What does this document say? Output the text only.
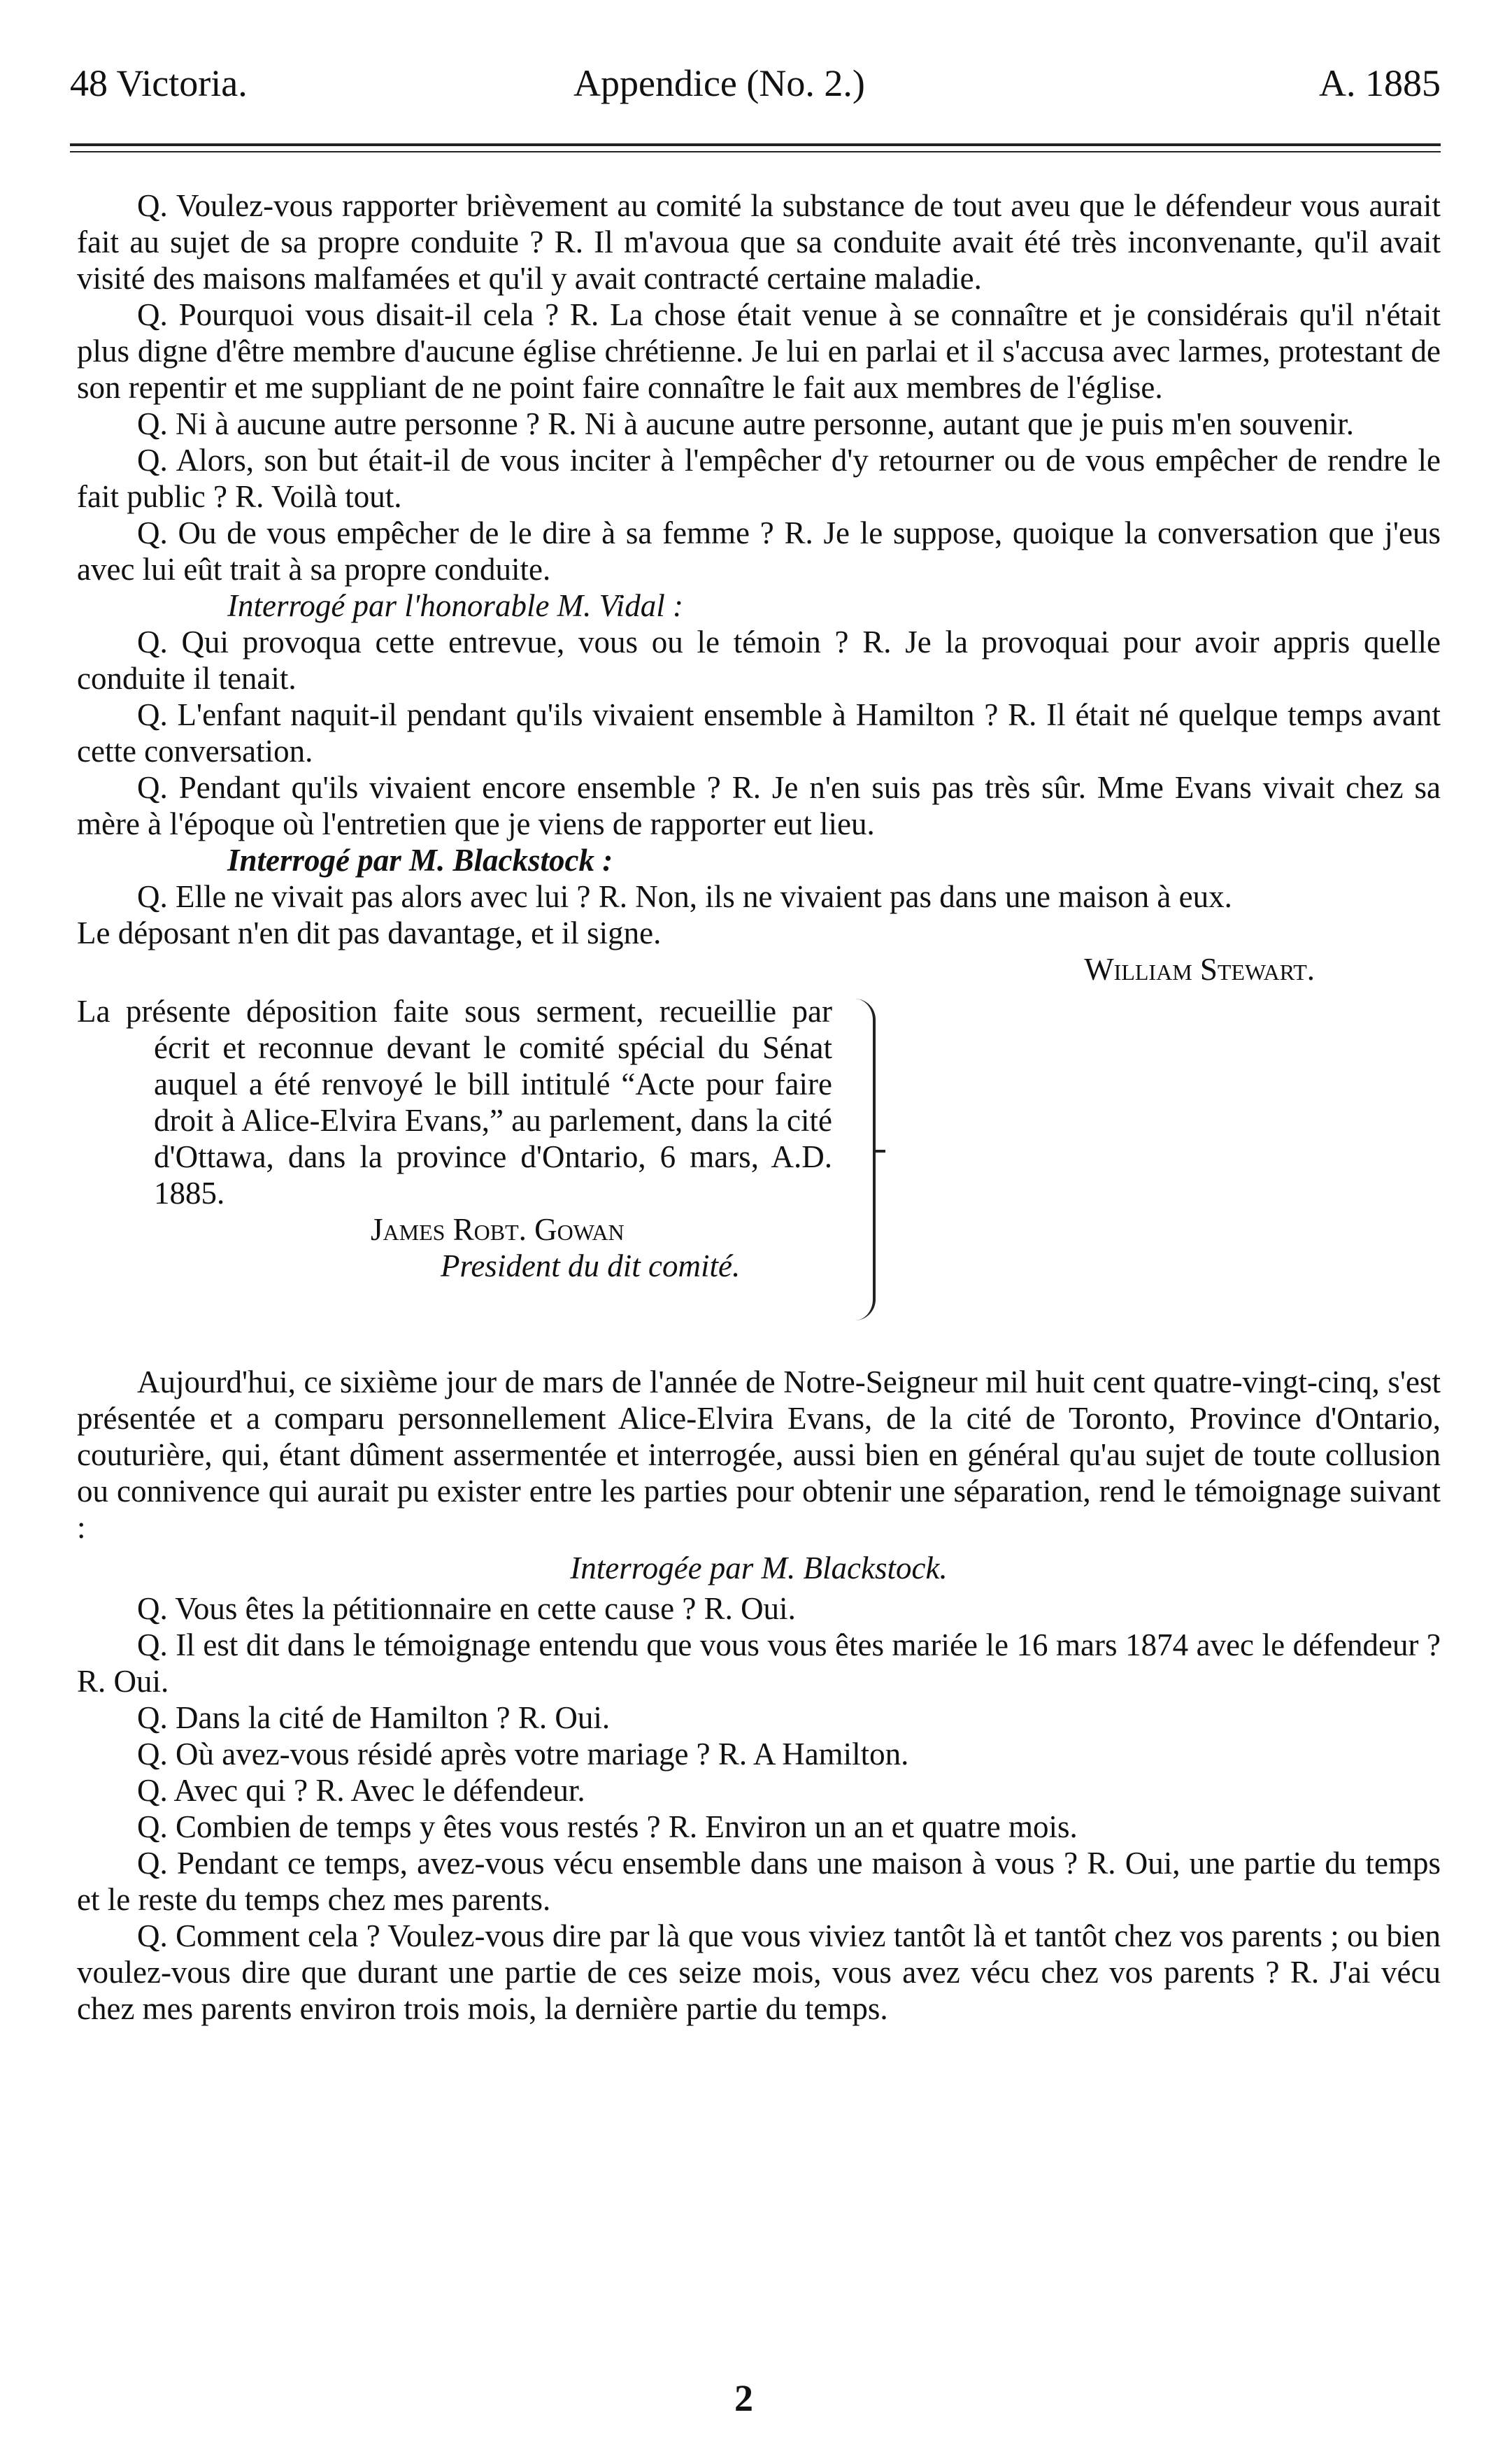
48 Victoria.	Appendice (No. 2.)	A. 1885

Q. Voulez-vous rapporter brièvement au comité la substance de tout aveu que le défendeur vous aurait fait au sujet de sa propre conduite ? R. Il m'avoua que sa conduite avait été très inconvenante, qu'il avait visité des maisons malfamées et qu'il y avait contracté certaine maladie.

Q. Pourquoi vous disait-il cela ? R. La chose était venue à se connaître et je considérais qu'il n'était plus digne d'être membre d'aucune église chrétienne. Je lui en parlai et il s'accusa avec larmes, protestant de son repentir et me suppliant de ne point faire connaître le fait aux membres de l'église.

Q. Ni à aucune autre personne ? R. Ni à aucune autre personne, autant que je puis m'en souvenir.

Q. Alors, son but était-il de vous inciter à l'empêcher d'y retourner ou de vous empêcher de rendre le fait public ? R. Voilà tout.

Q. Ou de vous empêcher de le dire à sa femme ? R. Je le suppose, quoique la conversation que j'eus avec lui eût trait à sa propre conduite.

Interrogé par l'honorable M. Vidal :

Q. Qui provoqua cette entrevue, vous ou le témoin ? R. Je la provoquai pour avoir appris quelle conduite il tenait.

Q. L'enfant naquit-il pendant qu'ils vivaient ensemble à Hamilton ? R. Il était né quelque temps avant cette conversation.

Q. Pendant qu'ils vivaient encore ensemble ? R. Je n'en suis pas très sûr. Mme Evans vivait chez sa mère à l'époque où l'entretien que je viens de rapporter eut lieu.

Interrogé par M. Blackstock :

Q. Elle ne vivait pas alors avec lui ? R. Non, ils ne vivaient pas dans une maison à eux.

Le déposant n'en dit pas davantage, et il signe.

William Stewart.

La présente déposition faite sous serment, recueillie par écrit et reconnue devant le comité spécial du Sénat auquel a été renvoyé le bill intitulé “Acte pour faire droit à Alice-Elvira Evans,” au parlement, dans la cité d'Ottawa, dans la province d'Ontario, 6 mars, A.D. 1885.

James Robt. Gowan

President du dit comité.

Aujourd'hui, ce sixième jour de mars de l'année de Notre-Seigneur mil huit cent quatre-vingt-cinq, s'est présentée et a comparu personnellement Alice-Elvira Evans, de la cité de Toronto, Province d'Ontario, couturière, qui, étant dûment assermentée et interrogée, aussi bien en général qu'au sujet de toute collusion ou connivence qui aurait pu exister entre les parties pour obtenir une séparation, rend le témoignage suivant :

Interrogée par M. Blackstock.

Q. Vous êtes la pétitionnaire en cette cause ? R. Oui.

Q. Il est dit dans le témoignage entendu que vous vous êtes mariée le 16 mars 1874 avec le défendeur ? R. Oui.

Q. Dans la cité de Hamilton ? R. Oui.

Q. Où avez-vous résidé après votre mariage ? R. A Hamilton.

Q. Avec qui ? R. Avec le défendeur.

Q. Combien de temps y êtes vous restés ? R. Environ un an et quatre mois.

Q. Pendant ce temps, avez-vous vécu ensemble dans une maison à vous ? R. Oui, une partie du temps et le reste du temps chez mes parents.

Q. Comment cela ? Voulez-vous dire par là que vous viviez tantôt là et tantôt chez vos parents ; ou bien voulez-vous dire que durant une partie de ces seize mois, vous avez vécu chez vos parents ? R. J'ai vécu chez mes parents environ trois mois, la dernière partie du temps.

2
